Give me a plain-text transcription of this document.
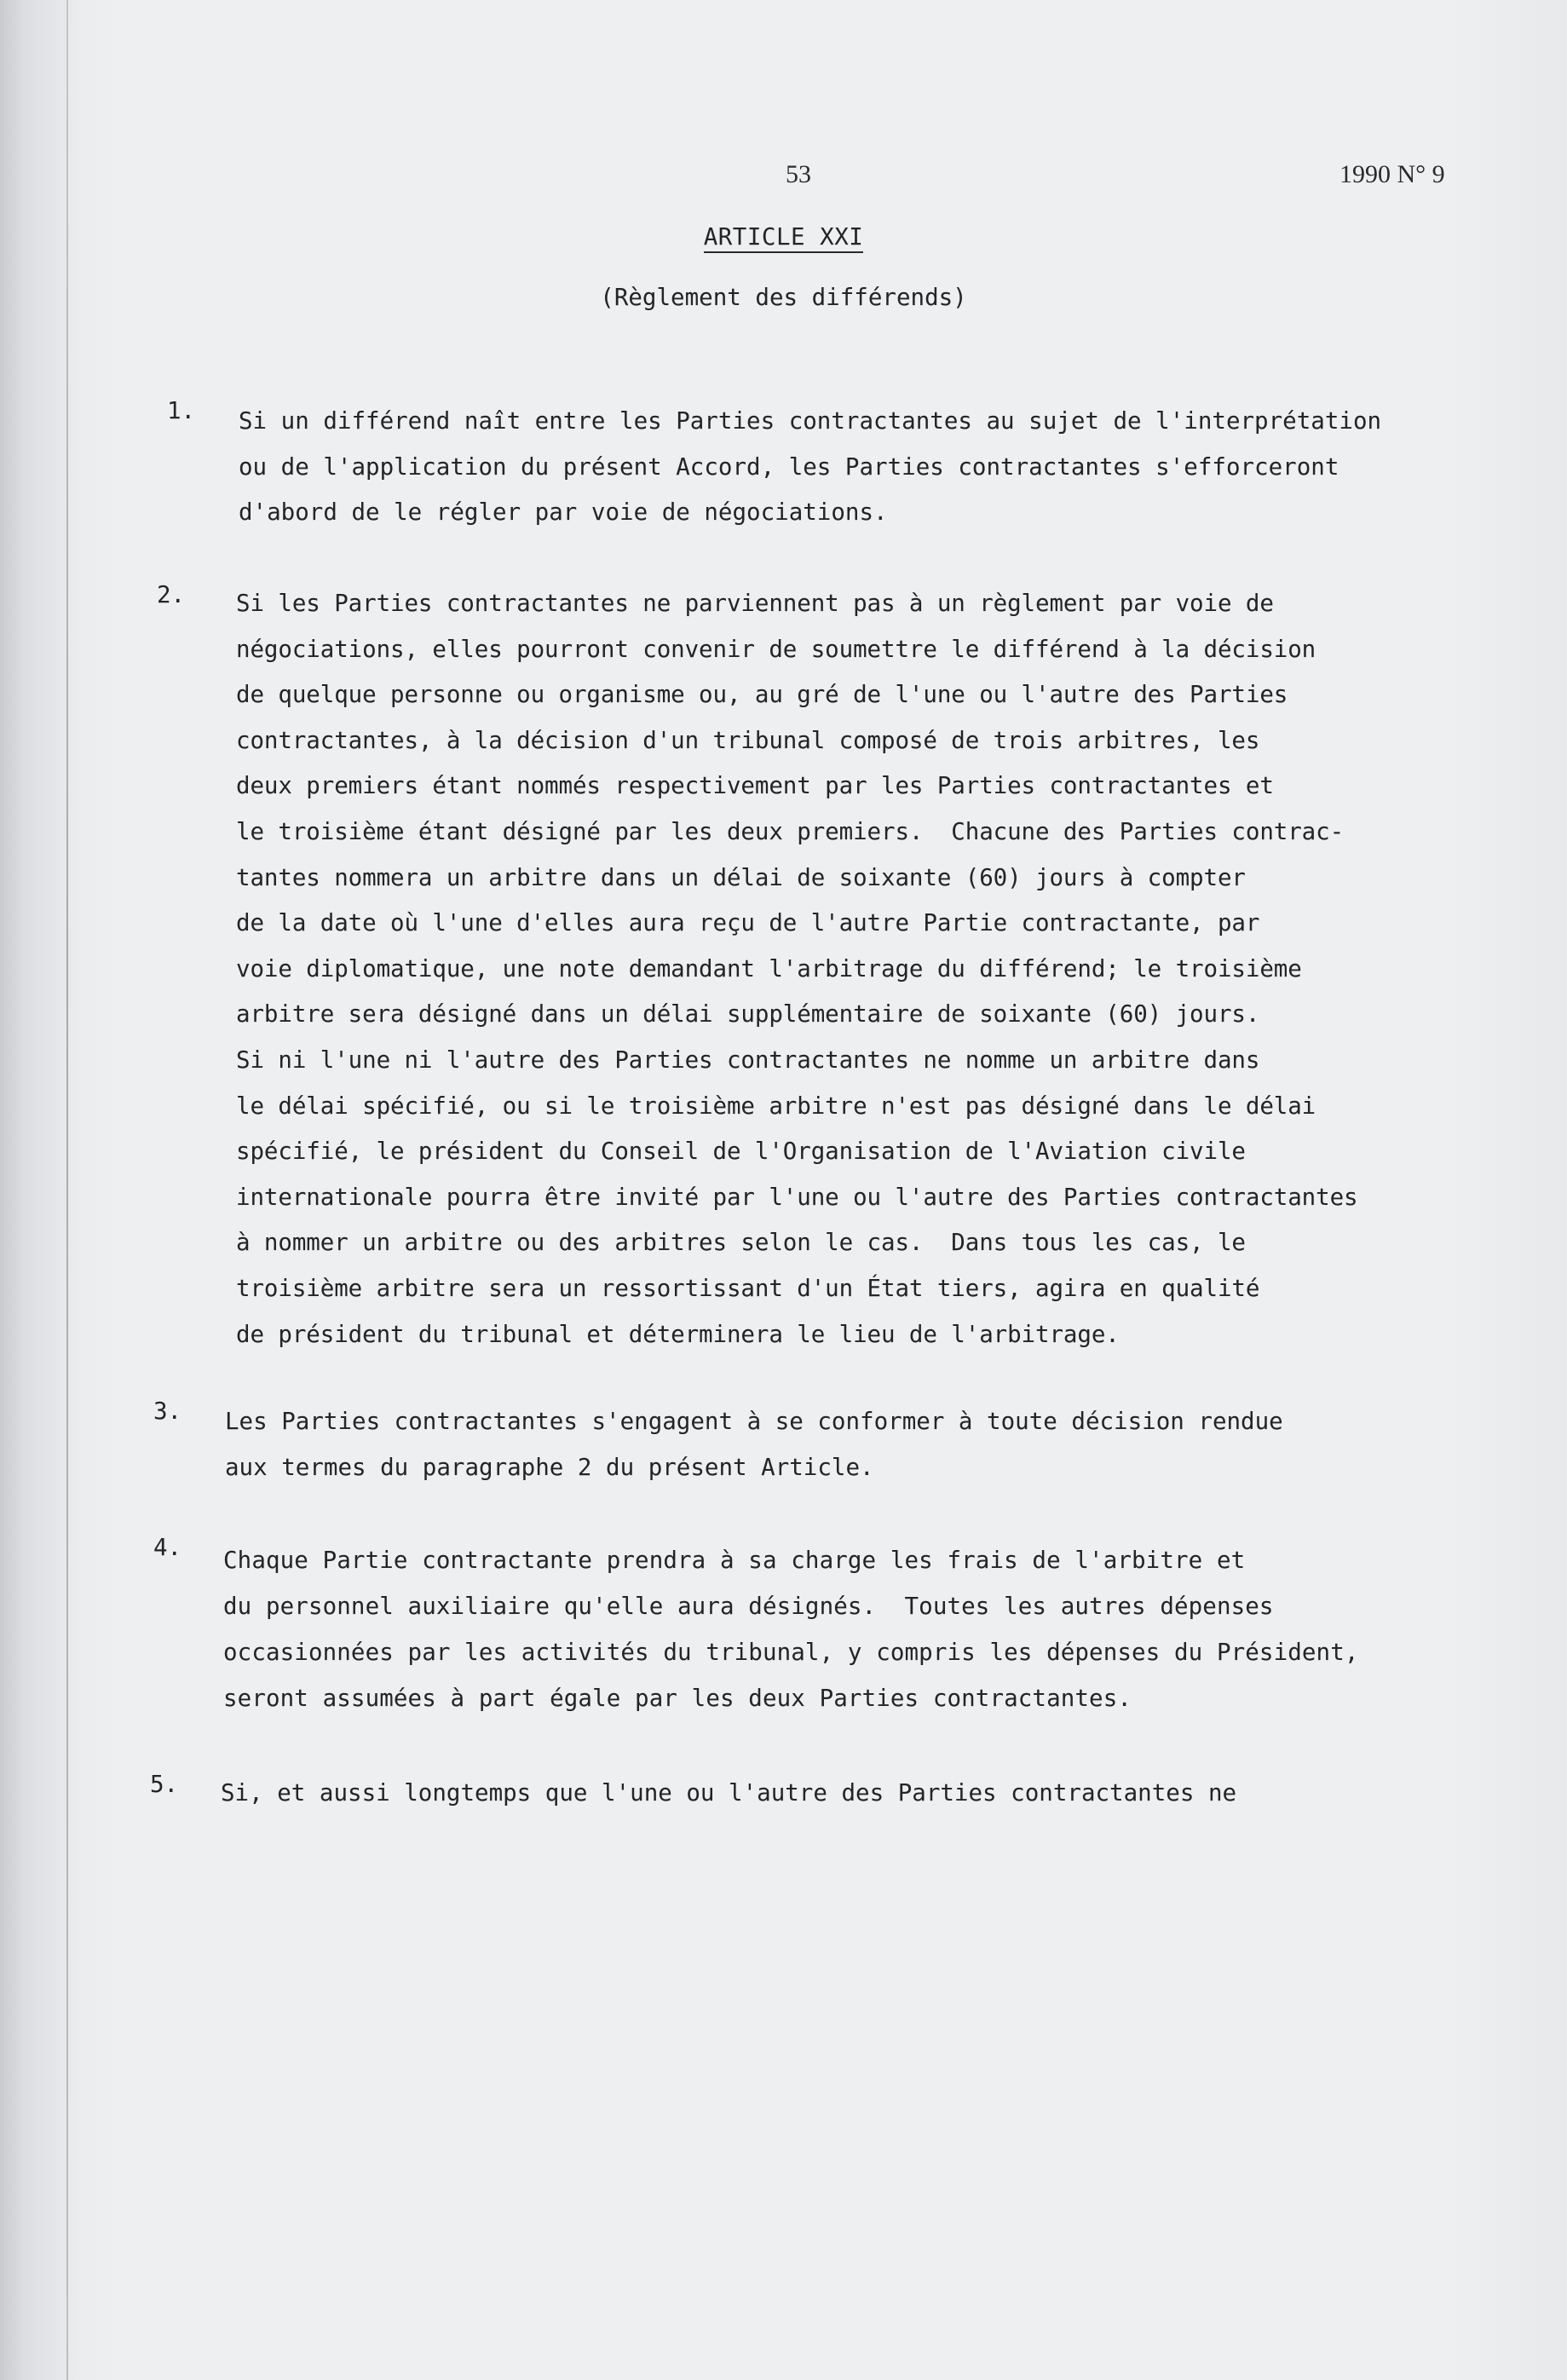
53	1990 N° 9
ARTICLE XXI
(Règlement des différends)
1. Si un différend naît entre les Parties contractantes au sujet de l'interprétation
ou de l'application du présent Accord, les Parties contractantes s'efforceront
d'abord de le régler par voie de négociations.
2. Si les Parties contractantes ne parviennent pas à un règlement par voie de
négociations, elles pourront convenir de soumettre le différend à la décision
de quelque personne ou organisme ou, au gré de l'une ou l'autre des Parties
contractantes, à la décision d'un tribunal composé de trois arbitres, les
deux premiers étant nommés respectivement par les Parties contractantes et
le troisième étant désigné par les deux premiers.  Chacune des Parties contrac-
tantes nommera un arbitre dans un délai de soixante (60) jours à compter
de la date où l'une d'elles aura reçu de l'autre Partie contractante, par
voie diplomatique, une note demandant l'arbitrage du différend; le troisième
arbitre sera désigné dans un délai supplémentaire de soixante (60) jours.
Si ni l'une ni l'autre des Parties contractantes ne nomme un arbitre dans
le délai spécifié, ou si le troisième arbitre n'est pas désigné dans le délai
spécifié, le président du Conseil de l'Organisation de l'Aviation civile
internationale pourra être invité par l'une ou l'autre des Parties contractantes
à nommer un arbitre ou des arbitres selon le cas.  Dans tous les cas, le
troisième arbitre sera un ressortissant d'un État tiers, agira en qualité
de président du tribunal et déterminera le lieu de l'arbitrage.
3. Les Parties contractantes s'engagent à se conformer à toute décision rendue
aux termes du paragraphe 2 du présent Article.
4. Chaque Partie contractante prendra à sa charge les frais de l'arbitre et
du personnel auxiliaire qu'elle aura désignés.  Toutes les autres dépenses
occasionnées par les activités du tribunal, y compris les dépenses du Président,
seront assumées à part égale par les deux Parties contractantes.
5. Si, et aussi longtemps que l'une ou l'autre des Parties contractantes ne
